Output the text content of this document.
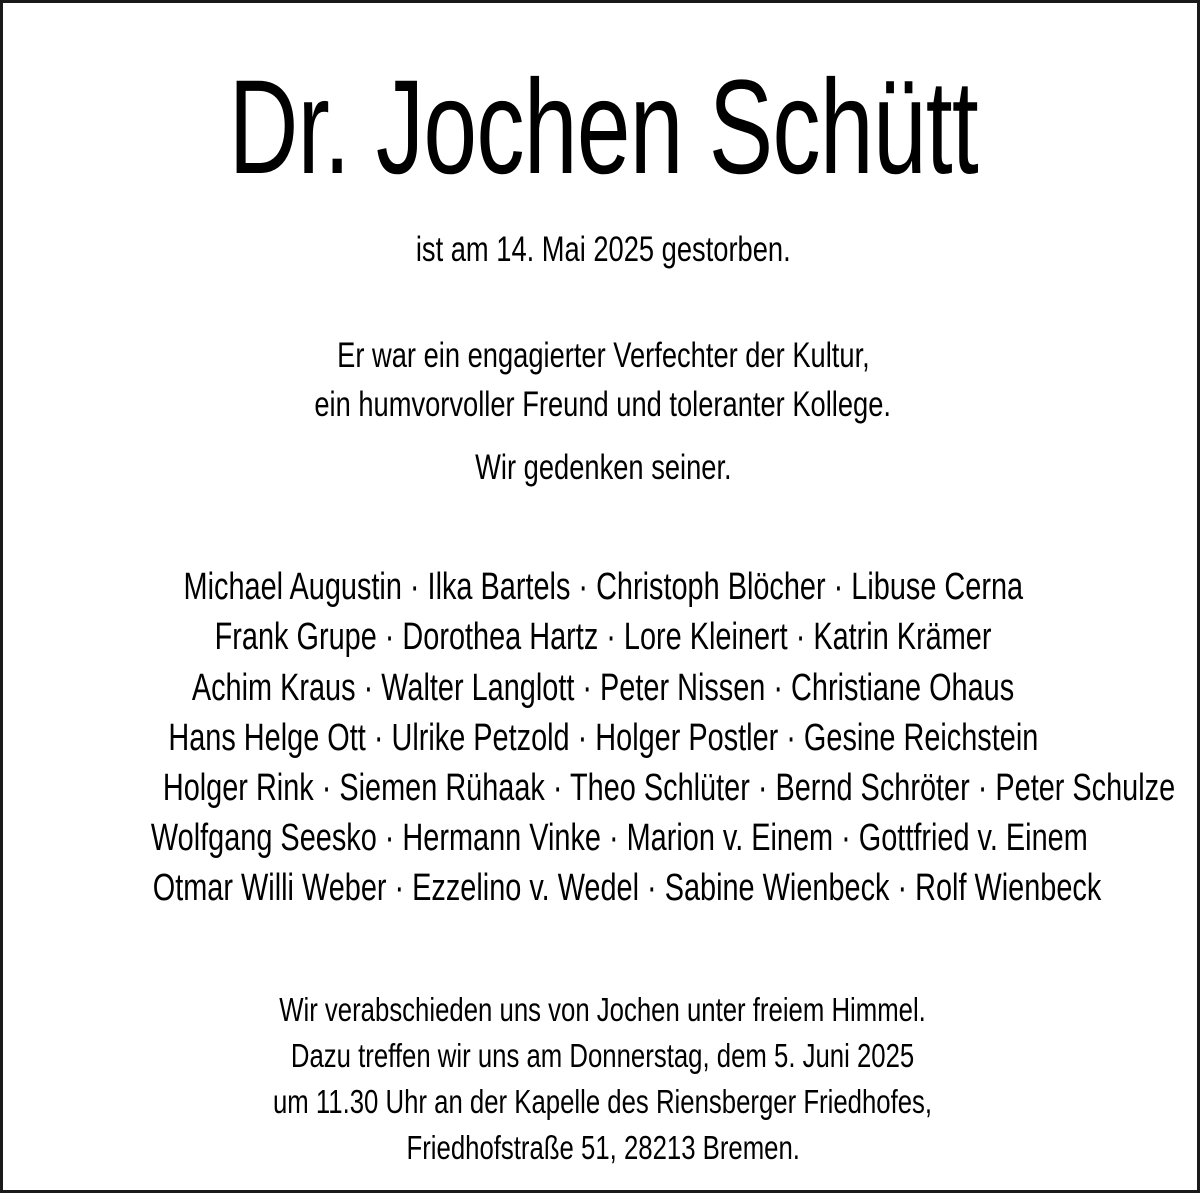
Dr. Jochen Schütt
ist am 14. Mai 2025 gestorben.
Er war ein engagierter Verfechter der Kultur,
ein humvorvoller Freund und toleranter Kollege.
Wir gedenken seiner.
Michael Augustin · Ilka Bartels · Christoph Blöcher · Libuse Cerna
Frank Grupe · Dorothea Hartz · Lore Kleinert · Katrin Krämer
Achim Kraus · Walter Langlott · Peter Nissen · Christiane Ohaus
Hans Helge Ott · Ulrike Petzold · Holger Postler · Gesine Reichstein
Holger Rink · Siemen Rühaak · Theo Schlüter · Bernd Schröter · Peter Schulze
Wolfgang Seesko · Hermann Vinke · Marion v. Einem · Gottfried v. Einem
Otmar Willi Weber · Ezzelino v. Wedel · Sabine Wienbeck · Rolf Wienbeck
Wir verabschieden uns von Jochen unter freiem Himmel.
Dazu treffen wir uns am Donnerstag, dem 5. Juni 2025
um 11.30 Uhr an der Kapelle des Riensberger Friedhofes,
Friedhofstraße 51, 28213 Bremen.
